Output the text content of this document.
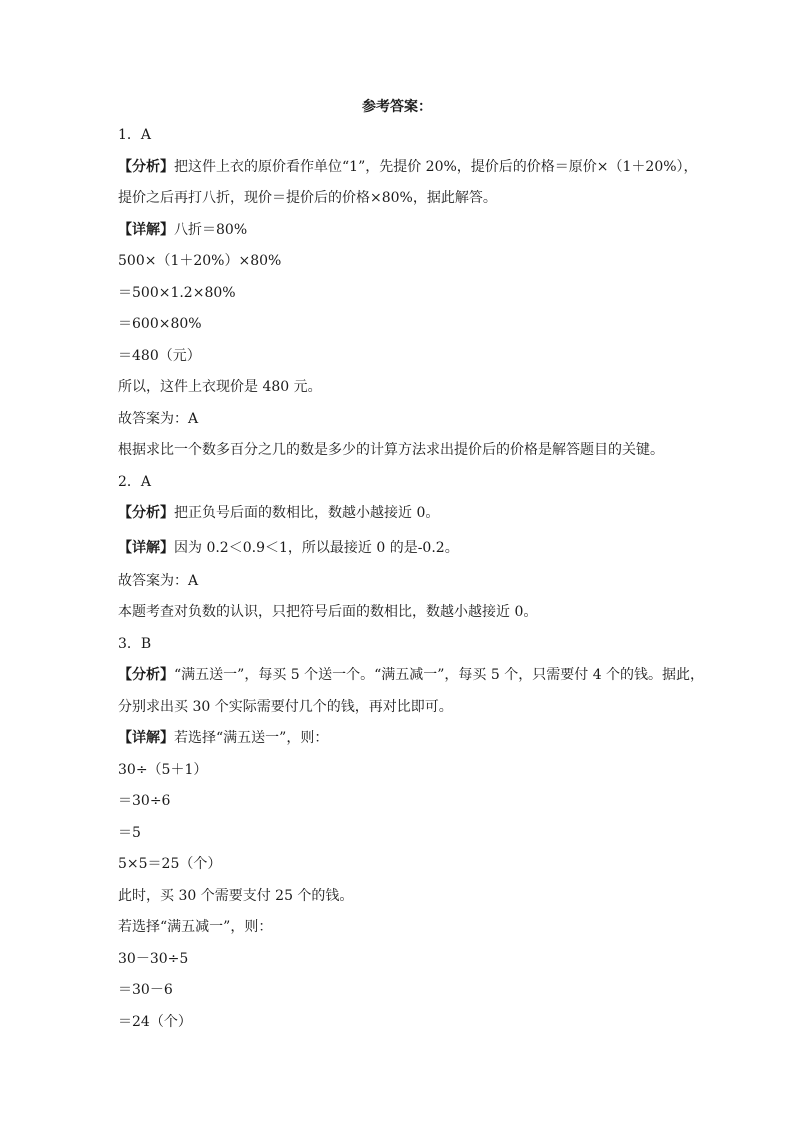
参考答案：
1．A
【分析】把这件上衣的原价看作单位“1”，先提价 20%，提价后的价格＝原价×（1＋20%），
提价之后再打八折，现价＝提价后的价格×80%，据此解答。
【详解】八折＝80%
500×（1＋20%）×80%
＝500×1.2×80%
＝600×80%
＝480（元）
所以，这件上衣现价是 480 元。
故答案为：A
根据求比一个数多百分之几的数是多少的计算方法求出提价后的价格是解答题目的关键。
2．A
【分析】把正负号后面的数相比，数越小越接近 0。
【详解】因为 0.2＜0.9＜1，所以最接近 0 的是-0.2。
故答案为：A
本题考查对负数的认识，只把符号后面的数相比，数越小越接近 0。
3．B
【分析】“满五送一”，每买 5 个送一个。“满五减一”，每买 5 个，只需要付 4 个的钱。据此，
分别求出买 30 个实际需要付几个的钱，再对比即可。
【详解】若选择“满五送一”，则：
30÷（5＋1）
＝30÷6
＝5
5×5＝25（个）
此时，买 30 个需要支付 25 个的钱。
若选择“满五减一”，则：
30－30÷5
＝30－6
＝24（个）
